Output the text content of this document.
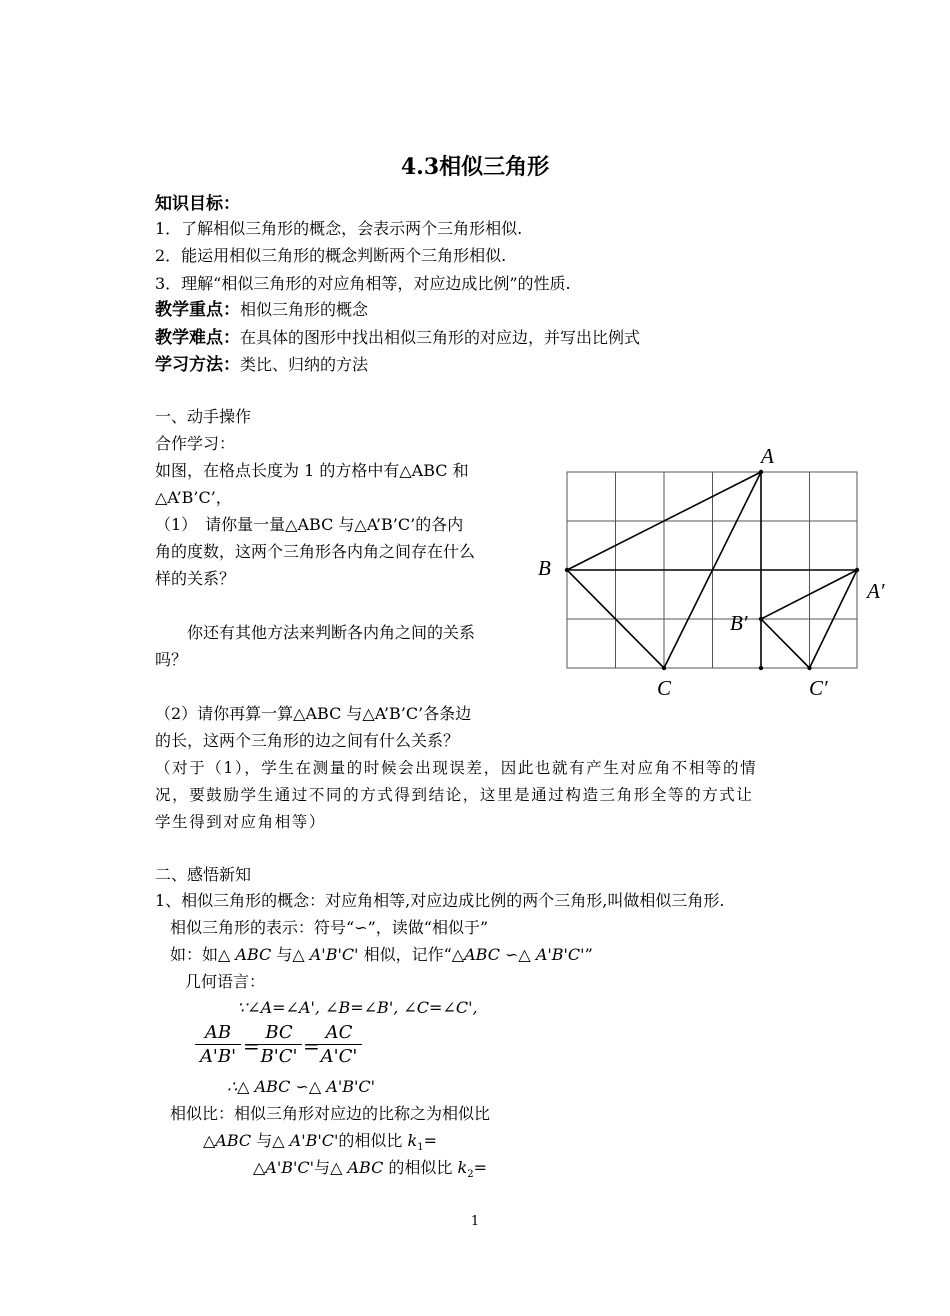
4.3相似三角形
知识目标：
1．了解相似三角形的概念，会表示两个三角形相似.
2．能运用相似三角形的概念判断两个三角形相似.
3．理解“相似三角形的对应角相等，对应边成比例”的性质.
教学重点：相似三角形的概念
教学难点：在具体的图形中找出相似三角形的对应边，并写出比例式
学习方法：类比、归纳的方法
一、动手操作
合作学习：
如图，在格点长度为 1 的方格中有△ABC 和
△A’B’C’，
（1）　请你量一量△ABC 与△A’B’C’的各内
角的度数，这两个三角形各内角之间存在什么
样的关系？
　　你还有其他方法来判断各内角之间的关系
吗？
（2）请你再算一算△ABC 与△A’B’C’各条边
的长，这两个三角形的边之间有什么关系？
（对于（1），学生在测量的时候会出现误差，因此也就有产生对应角不相等的情
况，要鼓励学生通过不同的方式得到结论，这里是通过构造三角形全等的方式让
学生得到对应角相等）
A
B
C
A′
B′
C′
二、感悟新知
1、相似三角形的概念：对应角相等,对应边成比例的两个三角形,叫做相似三角形.
相似三角形的表示：符号“∽”，读做“相似于”
如：如△ ABC 与△ A'B'C' 相似，记作“△ABC ∽△ A'B'C'”
几何语言：
∵∠A=∠A', ∠B=∠B', ∠C=∠C',
$\frac{AB}{A'B'}$ =
$\frac{BC}{B'C'}$ =
$\frac{AC}{A'C'}$
∴△ ABC ∽△ A'B'C'
相似比：相似三角形对应边的比称之为相似比
△ABC 与△ A'B'C'的相似比 $k_1=$
△A'B'C'与△ ABC 的相似比 $k_2=$
1
